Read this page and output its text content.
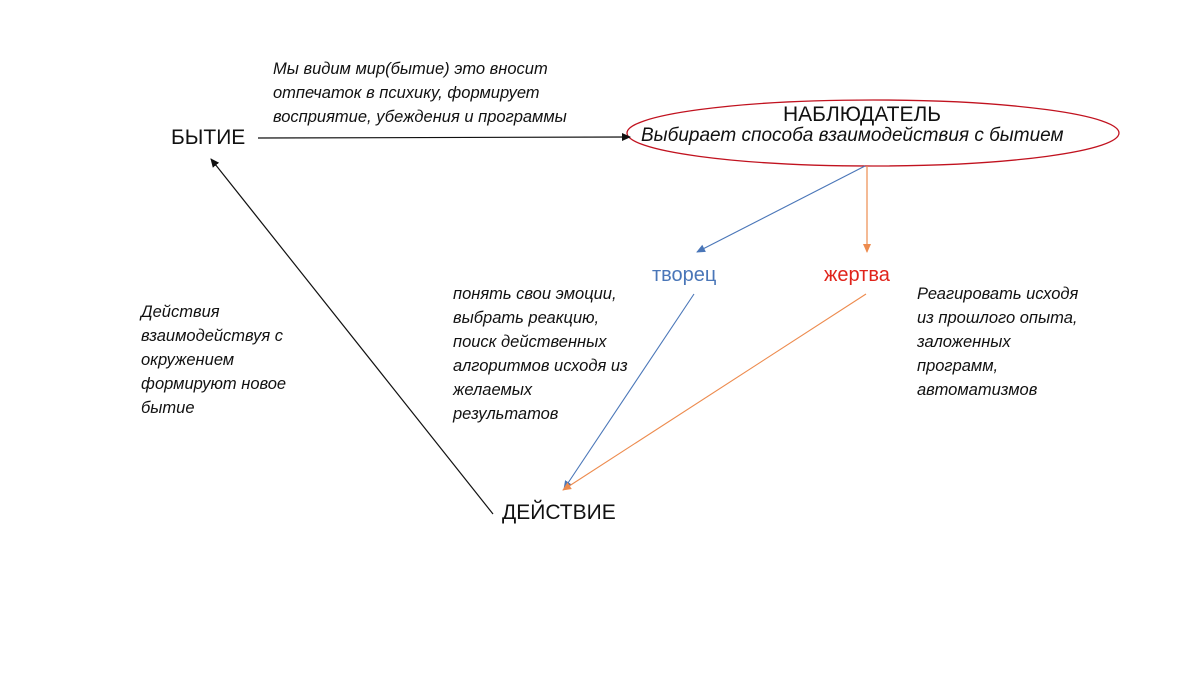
БЫТИЕ
НАБЛЮДАТЕЛЬ
Выбирает способа взаимодействия с бытием
творец	жертва
ДЕЙСТВИЕ
Мы видим мир(бытие) это вносит
отпечаток в психику, формирует
восприятие, убеждения и программы
Действия
взаимодействуя с
окружением
формируют новое
бытие
понять свои эмоции,
выбрать реакцию,
поиск действенных
алгоритмов исходя из
желаемых
результатов
Реагировать исходя
из прошлого опыта,
заложенных
программ,
автоматизмов
